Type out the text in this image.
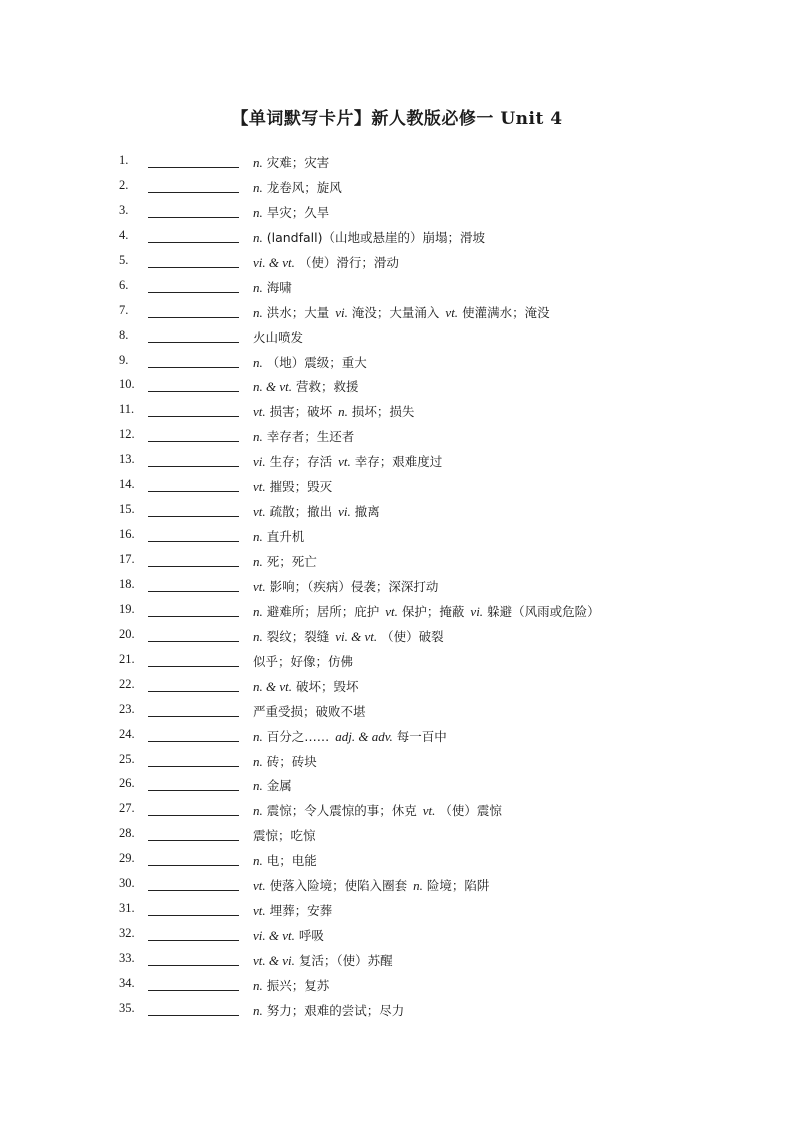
【单词默写卡片】新人教版必修一 Unit 4
1.	n. 灾难；灾害
2.	n. 龙卷风；旋风
3.	n. 旱灾；久旱
4.	n. (landfall)（山地或悬崖的）崩塌；滑坡
5.	vi. & vt. （使）滑行；滑动
6.	n. 海啸
7.	n. 洪水；大量 vi. 淹没；大量涌入 vt. 使灌满水；淹没
8.	火山喷发
9.	n. （地）震级；重大
10.	n. & vt. 营救；救援
11.	vt. 损害；破坏 n. 损坏；损失
12.	n. 幸存者；生还者
13.	vi. 生存；存活 vt. 幸存；艰难度过
14.	vt. 摧毁；毁灭
15.	vt. 疏散；撤出 vi. 撤离
16.	n. 直升机
17.	n. 死；死亡
18.	vt. 影响；（疾病）侵袭；深深打动
19.	n. 避难所；居所；庇护 vt. 保护；掩蔽 vi. 躲避（风雨或危险）
20.	n. 裂纹；裂缝 vi. & vt. （使）破裂
21.	似乎；好像；仿佛
22.	n. & vt. 破坏；毁坏
23.	严重受损；破败不堪
24.	n. 百分之…… adj. & adv. 每一百中
25.	n. 砖；砖块
26.	n. 金属
27.	n. 震惊；令人震惊的事；休克 vt. （使）震惊
28.	震惊；吃惊
29.	n. 电；电能
30.	vt. 使落入险境；使陷入圈套 n. 险境；陷阱
31.	vt. 埋葬；安葬
32.	vi. & vt. 呼吸
33.	vt. & vi. 复活；（使）苏醒
34.	n. 振兴；复苏
35.	n. 努力；艰难的尝试；尽力
